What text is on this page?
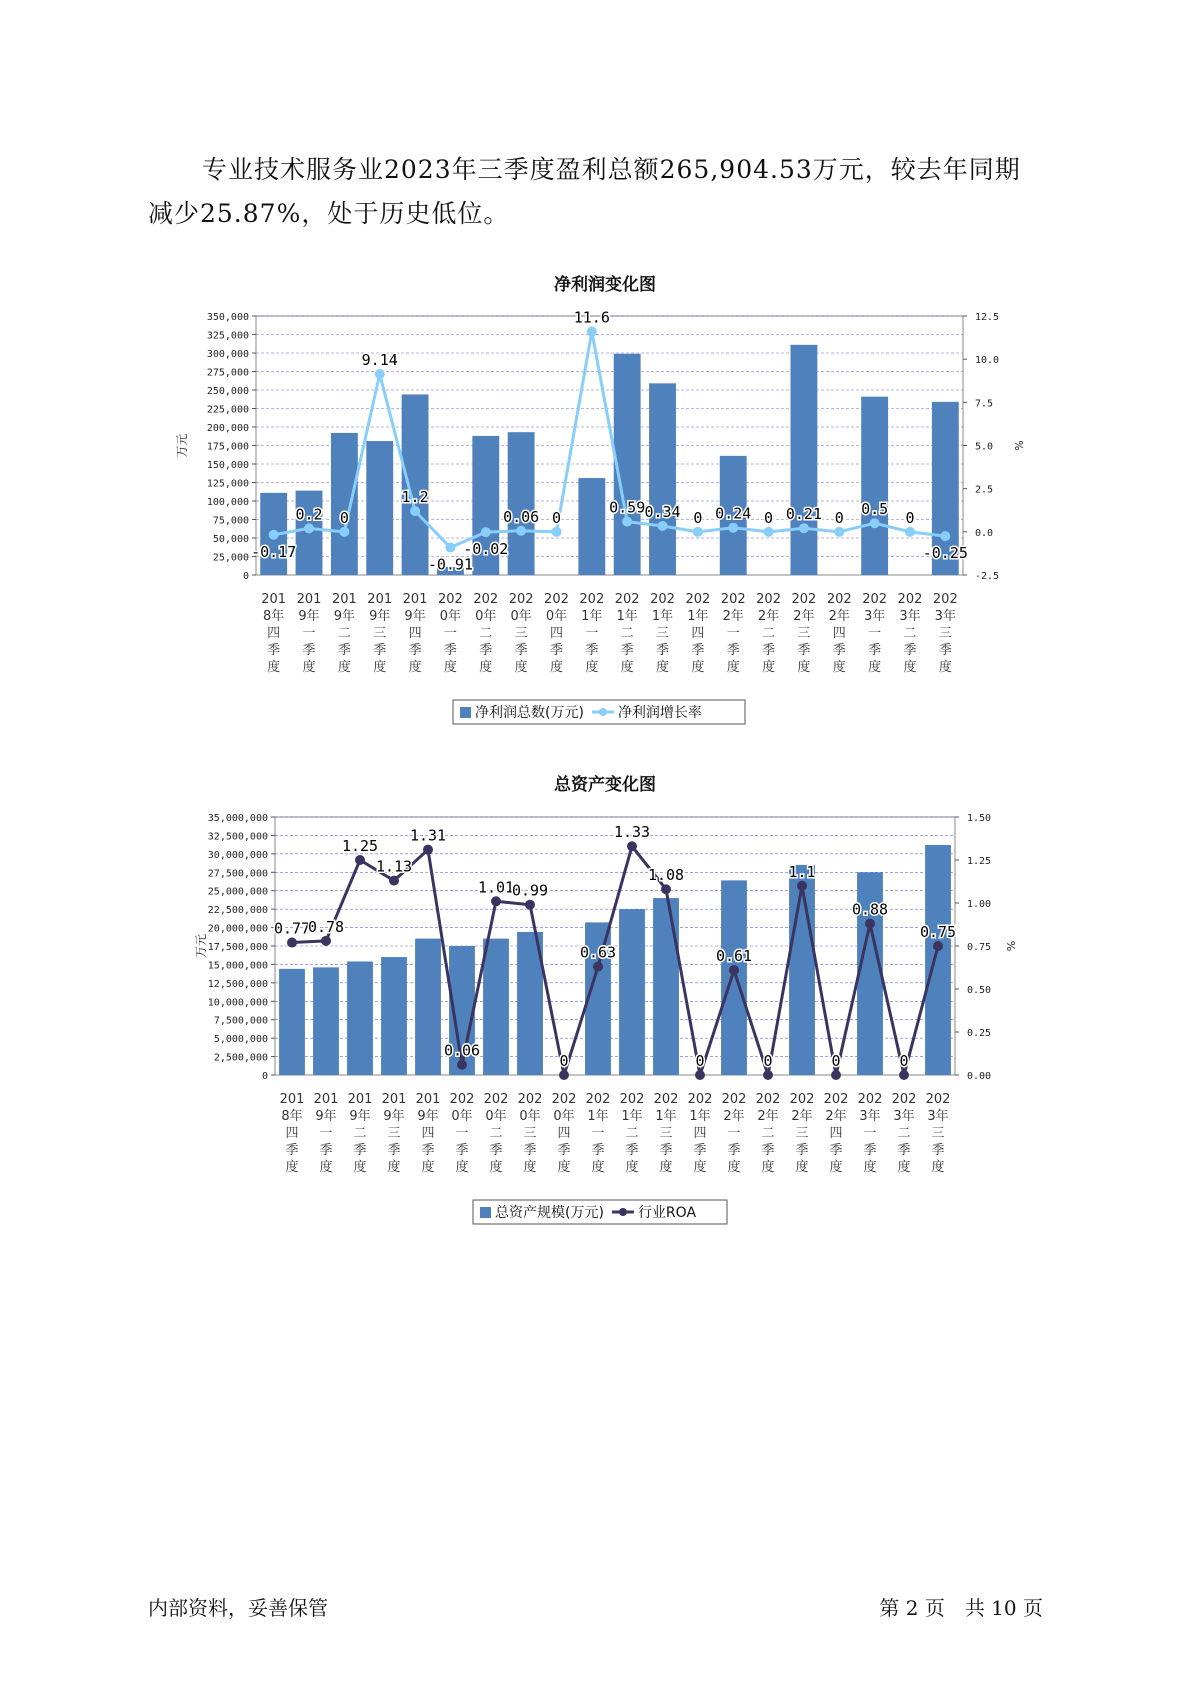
专业技术服务业2023年三季度盈利总额265,904.53万元，较去年同期
减少25.87%，处于历史低位。
净利润变化图
总资产变化图
0
25,000
50,000
75,000
100,000
125,000
150,000
175,000
200,000
225,000
250,000
275,000
300,000
325,000
350,000
-2.5
0.0
2.5
5.0
7.5
10.0
12.5
万元	%
-0.17
0.2 0
9.14
1.2
-0.91
-0.02
0.06 0
11.6
0.59 0.34 0 0.24 0 0.21 0 0.5 0
-0.25
201
8年
四
季
度
201
9年
一
季
度
201
9年
二
季
度
201
9年
三
季
度
201
9年
四
季
度
202
0年
一
季
度
202
0年
二
季
度
202
0年
三
季
度
202
0年
四
季
度
202
1年
一
季
度
202
1年
二
季
度
202
1年
三
季
度
202
1年
四
季
度
202
2年
一
季
度
202
2年
二
季
度
202
2年
三
季
度
202
2年
四
季
度
202
3年
一
季
度
202
3年
二
季
度
202
3年
三
季
度
净利润总数(万元) 净利润增长率
0
2,500,000
5,000,000
7,500,000
10,000,000
12,500,000
15,000,000
17,500,000
20,000,000
22,500,000
25,000,000
27,500,000
30,000,000
32,500,000
35,000,000
0.00
0.25
0.50
0.75
1.00
1.25
1.50
万元	%
0.77
0.78
1.25
1.13
1.31
0.06
1.01
0.99
0
0.63
1.33
1.08
0
0.61
0
1.1
0
0.88
0
0.75
201
8年
四
季
度
201
9年
一
季
度
201
9年
二
季
度
201
9年
三
季
度
201
9年
四
季
度
202
0年
一
季
度
202
0年
二
季
度
202
0年
三
季
度
202
0年
四
季
度
202
1年
一
季
度
202
1年
二
季
度
202
1年
三
季
度
202
1年
四
季
度
202
2年
一
季
度
202
2年
二
季
度
202
2年
三
季
度
202
2年
四
季
度
202
3年
一
季
度
202
3年
二
季
度
202
3年
三
季
度
总资产规模(万元) 行业ROA
内部资料，妥善保管	第 2 页　共 10 页
